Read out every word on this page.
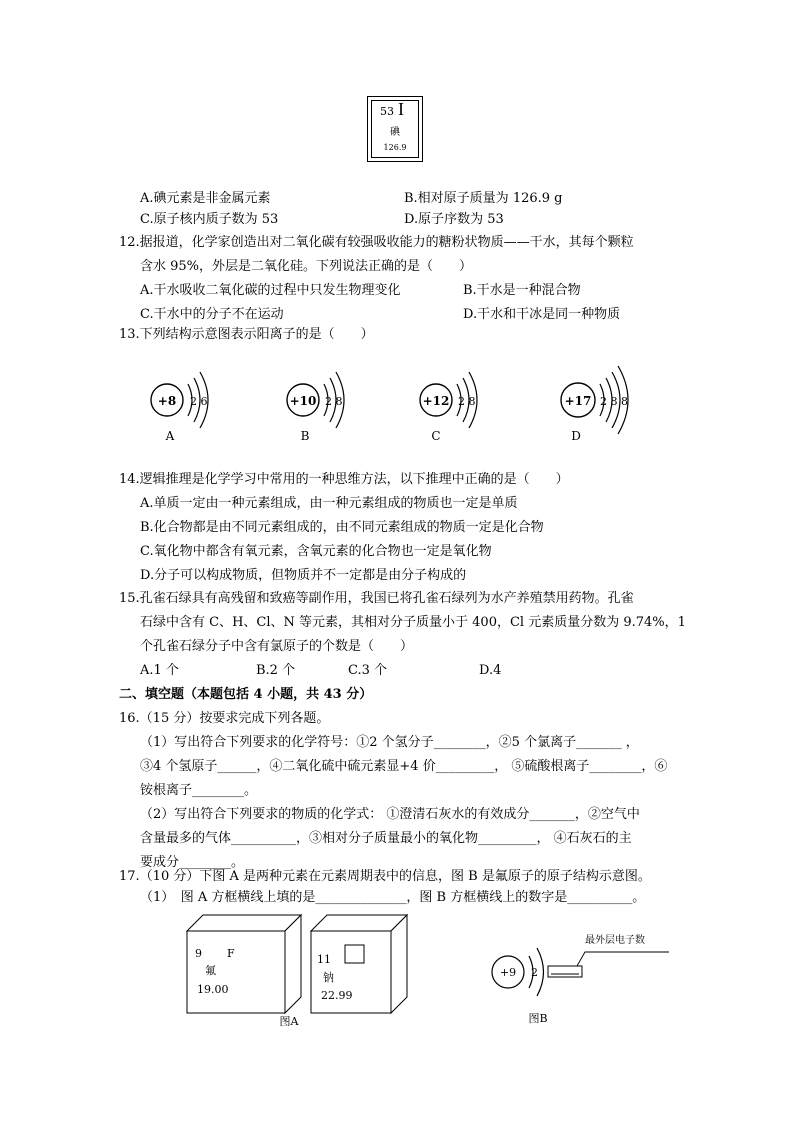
53 I
碘
126.9
A.碘元素是非金属元素	B.相对原子质量为 126.9 g
C.原子核内质子数为 53	D.原子序数为 53
12.据报道，化学家创造出对二氧化碳有较强吸收能力的糖粉状物质——干水，其每个颗粒
含水 95%，外层是二氧化硅。下列说法正确的是（　　）
A.干水吸收二氧化碳的过程中只发生物理变化	B.干水是一种混合物
C.干水中的分子不在运动	D.干水和干冰是同一种物质
13.下列结构示意图表示阳离子的是（　　）
+8 2 6
A
+10 2 8
B
+12 2 8
C
+17 2 8 8
D
14.逻辑推理是化学学习中常用的一种思维方法，以下推理中正确的是（　　）
A.单质一定由一种元素组成，由一种元素组成的物质也一定是单质
B.化合物都是由不同元素组成的，由不同元素组成的物质一定是化合物
C.氧化物中都含有氧元素，含氧元素的化合物也一定是氧化物
D.分子可以构成物质，但物质并不一定都是由分子构成的
15.孔雀石绿具有高残留和致癌等副作用，我国已将孔雀石绿列为水产养殖禁用药物。孔雀
石绿中含有 C、H、Cl、N 等元素，其相对分子质量小于 400，Cl 元素质量分数为 9.74%，1
个孔雀石绿分子中含有氯原子的个数是（　　）
A.1 个	B.2 个	C.3 个	D.4
二、填空题（本题包括 4 小题，共 43 分）
16.（15 分）按要求完成下列各题。
（1）写出符合下列要求的化学符号：①2 个氢分子________，②5 个氯离子_______ ，
③4 个氢原子______，④二氧化硫中硫元素显+4 价_________， ⑤硫酸根离子________，⑥
铵根离子________。
（2）写出符合下列要求的物质的化学式： ①澄清石灰水的有效成分_______，②空气中
含量最多的气体__________，③相对分子质量最小的氧化物_________， ④石灰石的主
要成分________。
17.（10 分）下图 A 是两种元素在元素周期表中的信息，图 B 是氟原子的原子结构示意图。
（1）　图 A 方框横线上填的是______________，图 B 方框横线上的数字是__________。
9 F
氟
19.00
11
钠
22.99
图A
+9 2
最外层电子数
图B
